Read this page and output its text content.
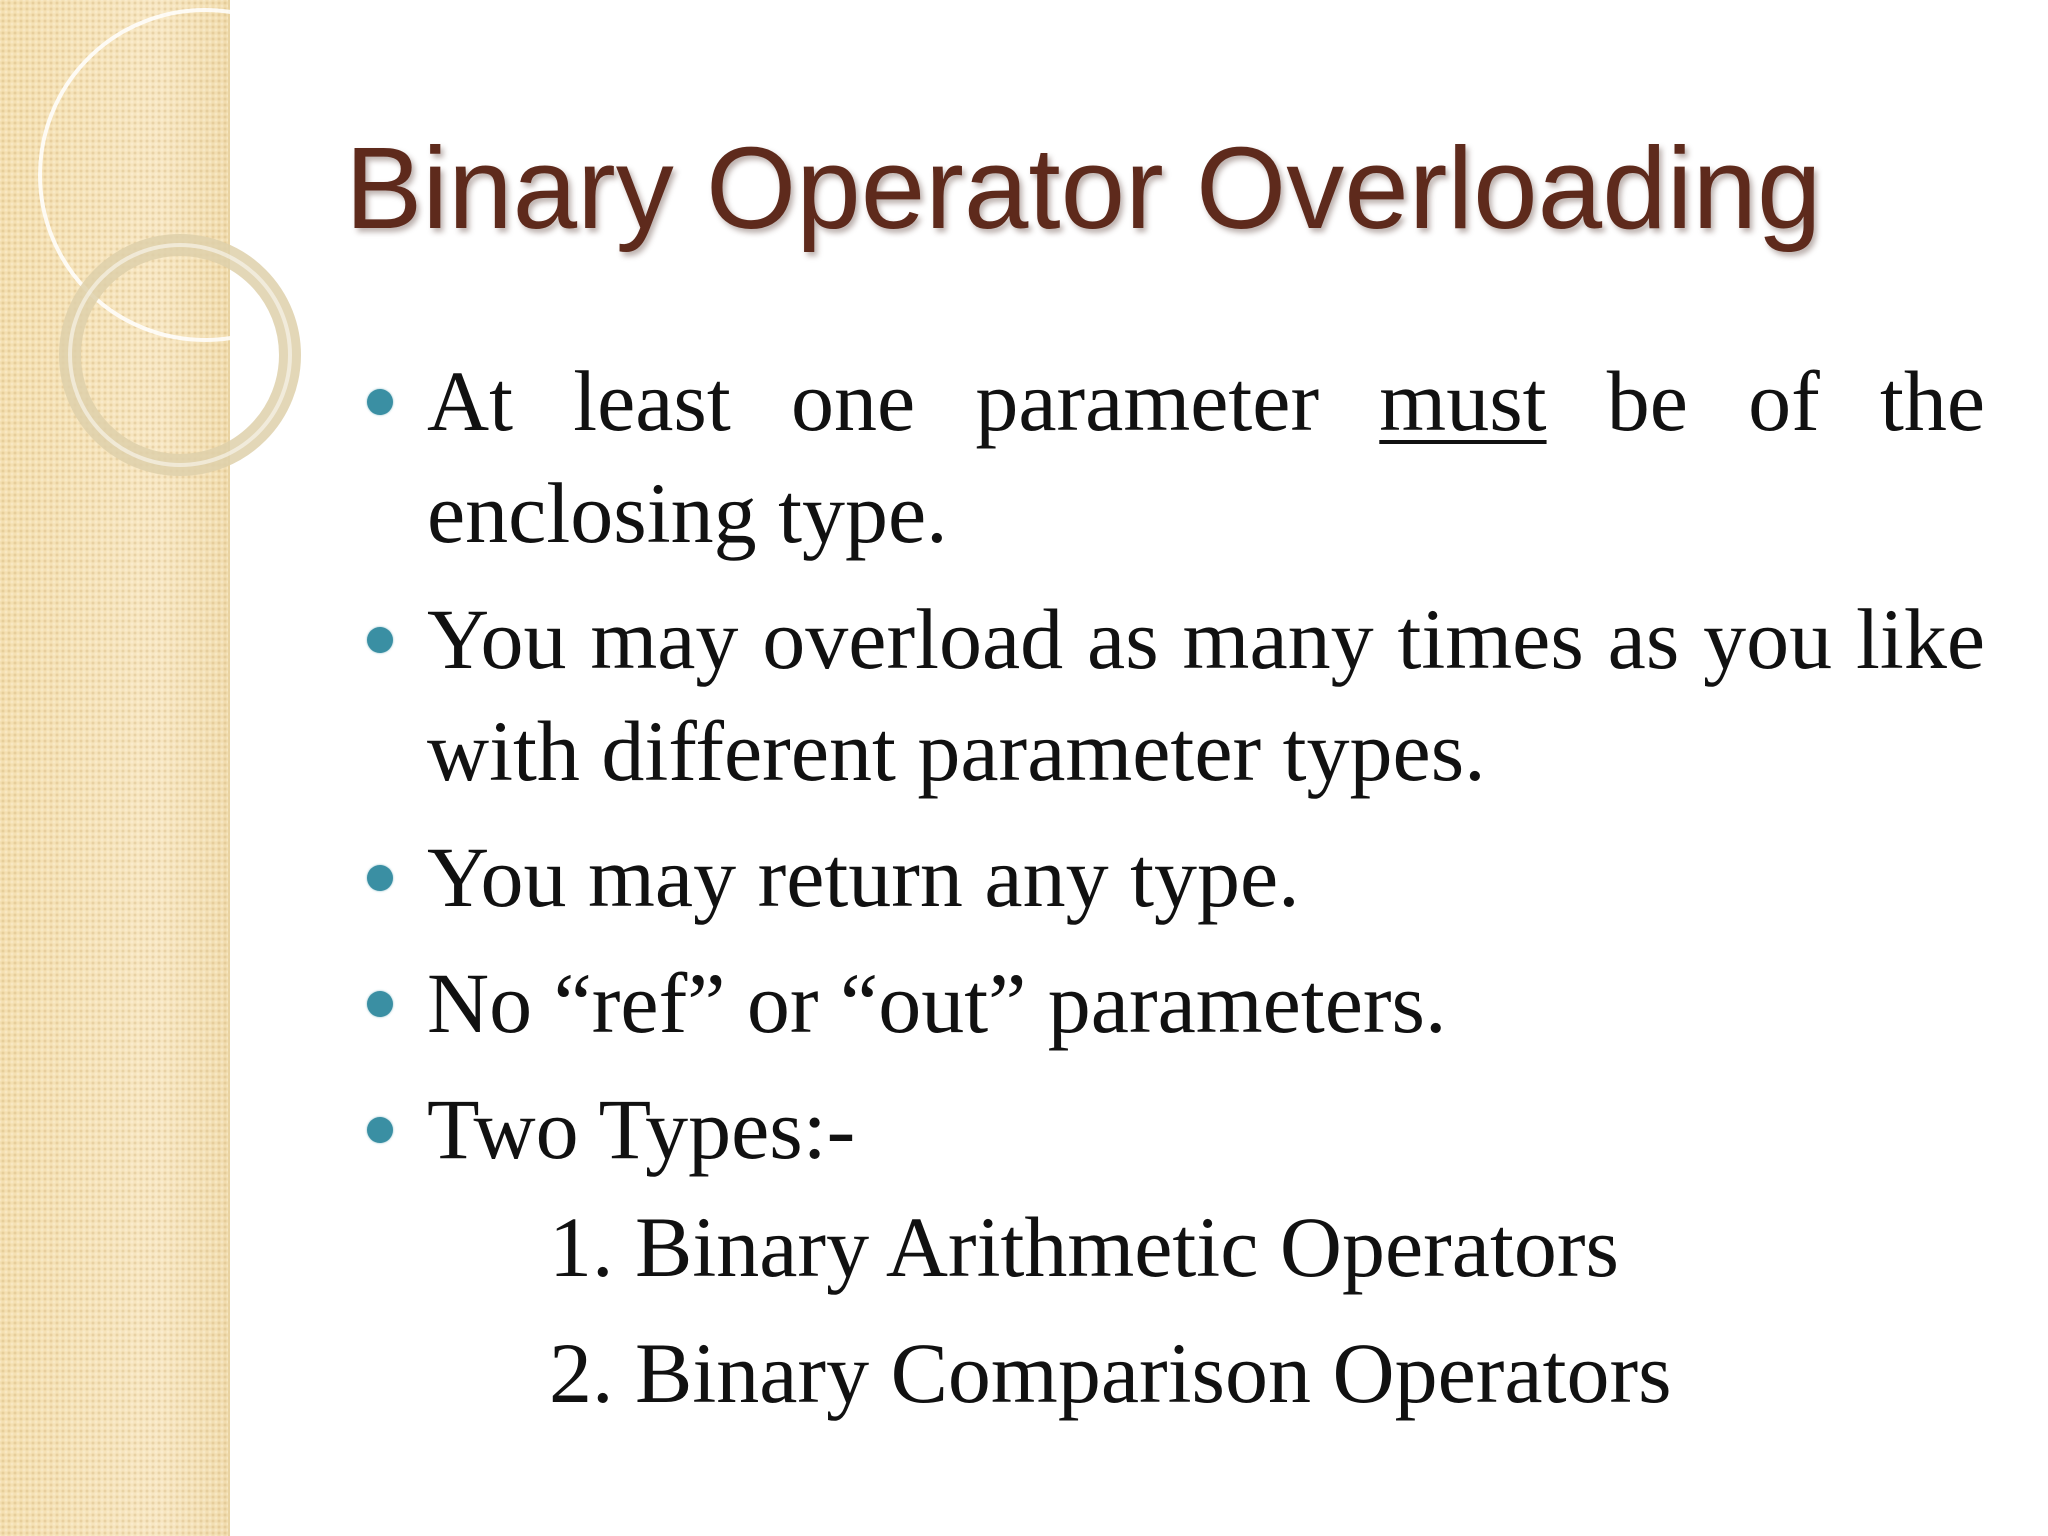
Binary Operator Overloading
At least one parameter must be of the enclosing type.
You may overload as many times as you like with different parameter types.
You may return any type.
No “ref” or “out” parameters.
Two Types:-
1. Binary Arithmetic Operators
2. Binary Comparison Operators
